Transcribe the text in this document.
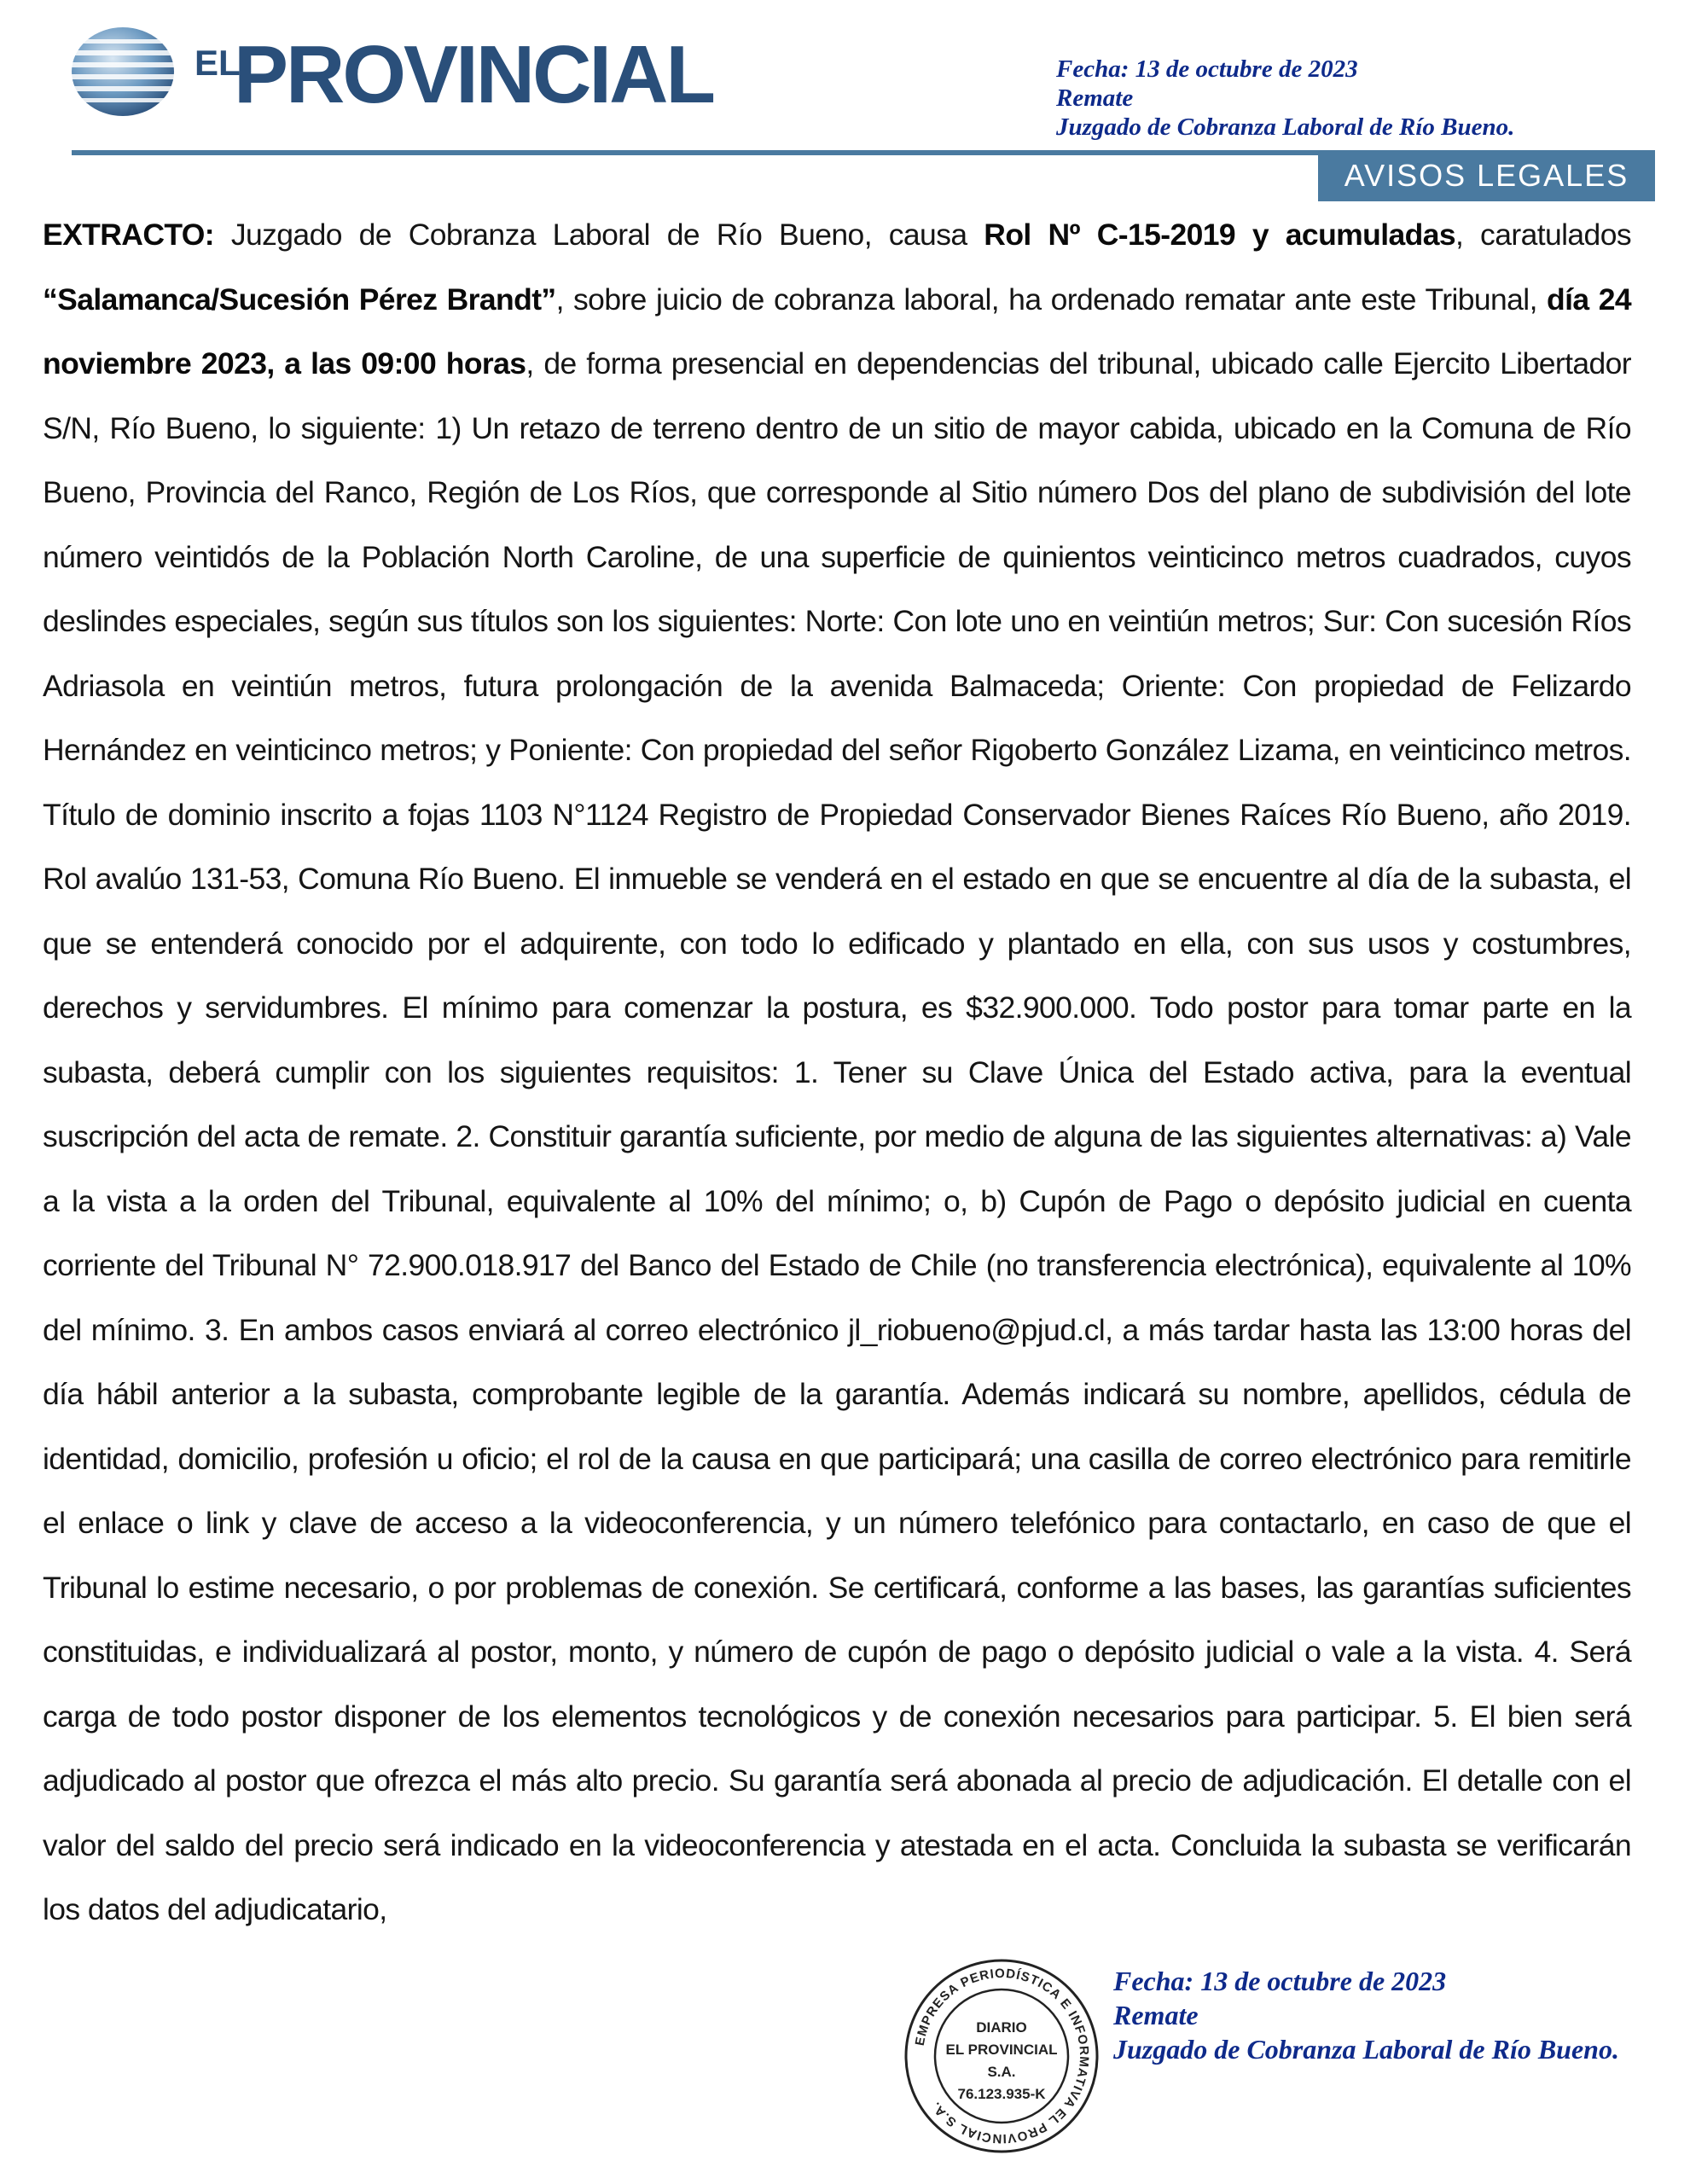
EL
PROVINCIAL	Fecha: 13 de octubre de 2023
Remate
Juzgado de Cobranza Laboral de Río Bueno.
AVISOS LEGALES
EXTRACTO: Juzgado de Cobranza Laboral de Río Bueno, causa Rol Nº C-15-2019 y acumuladas, caratulados “Salamanca/Sucesión Pérez Brandt”, sobre juicio de cobranza laboral, ha ordenado rematar ante este Tribunal, día 24 noviembre 2023, a las 09:00 horas, de forma presencial en dependencias del tribunal, ubicado calle Ejercito Libertador S/N, Río Bueno, lo siguiente: 1) Un retazo de terreno dentro de un sitio de mayor cabida, ubicado en la Comuna de Río Bueno, Provincia del Ranco, Región de Los Ríos, que corresponde al Sitio número Dos del plano de subdivisión del lote número veintidós de la Población North Caroline, de una superficie de quinientos veinticinco metros cuadrados, cuyos deslindes especiales, según sus títulos son los siguientes: Norte: Con lote uno en veintiún metros; Sur: Con sucesión Ríos Adriasola en veintiún metros, futura prolongación de la avenida Balmaceda; Oriente: Con propiedad de Felizardo Hernández en veinticinco metros; y Poniente: Con propiedad del señor Rigoberto González Lizama, en veinticinco metros. Título de dominio inscrito a fojas 1103 N°1124 Registro de Propiedad Conservador Bienes Raíces Río Bueno, año 2019. Rol avalúo 131-53, Comuna Río Bueno. El inmueble se venderá en el estado en que se encuentre al día de la subasta, el que se entenderá conocido por el adquirente, con todo lo edificado y plantado en ella, con sus usos y costumbres, derechos y servidumbres. El mínimo para comenzar la postura, es $32.900.000. Todo postor para tomar parte en la subasta, deberá cumplir con los siguientes requisitos: 1. Tener su Clave Única del Estado activa, para la eventual suscripción del acta de remate. 2. Constituir garantía suficiente, por medio de alguna de las siguientes alternativas: a) Vale a la vista a la orden del Tribunal, equivalente al 10% del mínimo; o, b) Cupón de Pago o depósito judicial en cuenta corriente del Tribunal N° 72.900.018.917 del Banco del Estado de Chile (no transferencia electrónica), equivalente al 10% del mínimo. 3. En ambos casos enviará al correo electrónico jl_riobueno@pjud.cl, a más tardar hasta las 13:00 horas del día hábil anterior a la subasta, comprobante legible de la garantía. Además indicará su nombre, apellidos, cédula de identidad, domicilio, profesión u oficio; el rol de la causa en que participará; una casilla de correo electrónico para remitirle el enlace o link y clave de acceso a la videoconferencia, y un número telefónico para contactarlo, en caso de que el Tribunal lo estime necesario, o por problemas de conexión. Se certificará, conforme a las bases, las garantías suficientes constituidas, e individualizará al postor, monto, y número de cupón de pago o depósito judicial o vale a la vista. 4. Será carga de todo postor disponer de los elementos tecnológicos y de conexión necesarios para participar. 5. El bien será adjudicado al postor que ofrezca el más alto precio. Su garantía será abonada al precio de adjudicación. El detalle con el valor del saldo del precio será indicado en la videoconferencia y atestada en el acta. Concluida la subasta se verificarán los datos del adjudicatario,
EMPRESA PERIODÍSTICA E INFORMATIVA EL PROVINCIAL S.A.
DIARIO
EL PROVINCIAL
S.A.
76.123.935-K
Fecha: 13 de octubre de 2023
Remate
Juzgado de Cobranza Laboral de Río Bueno.
